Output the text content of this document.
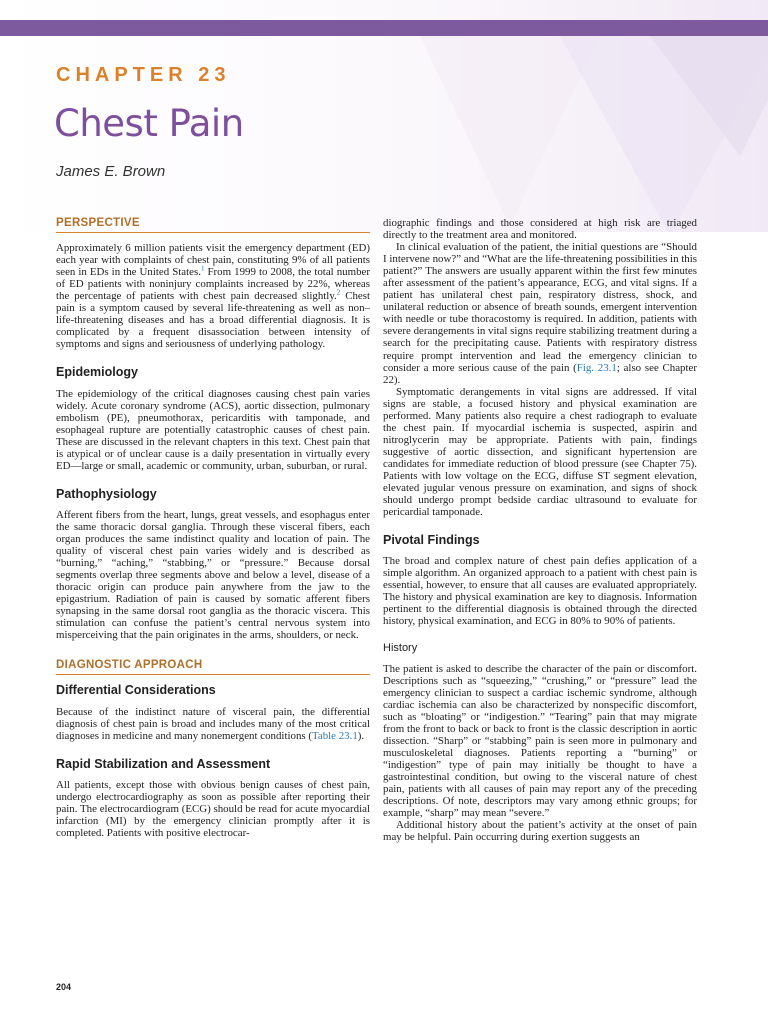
CHAPTER 23
Chest Pain
James E. Brown
PERSPECTIVE

Approximately 6 million patients visit the emergency department (ED) each year with complaints of chest pain, constituting 9% of all patients seen in EDs in the United States.$^1$ From 1999 to 2008, the total number of ED patients with noninjury complaints increased by 22%, whereas the percentage of patients with chest pain decreased slightly.$^2$ Chest pain is a symptom caused by several life-threatening as well as non–life-threatening diseases and has a broad differential diagnosis. It is complicated by a frequent disassociation between intensity of symptoms and signs and seriousness of underlying pathology.

Epidemiology

The epidemiology of the critical diagnoses causing chest pain varies widely. Acute coronary syndrome (ACS), aortic dissection, pulmonary embolism (PE), pneumothorax, pericarditis with tamponade, and esophageal rupture are potentially catastrophic causes of chest pain. These are discussed in the relevant chapters in this text. Chest pain that is atypical or of unclear cause is a daily presentation in virtually every ED—large or small, academic or community, urban, suburban, or rural.

Pathophysiology

Afferent fibers from the heart, lungs, great vessels, and esophagus enter the same thoracic dorsal ganglia. Through these visceral fibers, each organ produces the same indistinct quality and location of pain. The quality of visceral chest pain varies widely and is described as “burning,” “aching,” “stabbing,” or “pressure.” Because dorsal segments overlap three segments above and below a level, disease of a thoracic origin can produce pain anywhere from the jaw to the epigastrium. Radiation of pain is caused by somatic afferent fibers synapsing in the same dorsal root ganglia as the thoracic viscera. This stimulation can confuse the patient’s central nervous system into misperceiving that the pain originates in the arms, shoulders, or neck.

DIAGNOSTIC APPROACH
Differential Considerations

Because of the indistinct nature of visceral pain, the differential diagnosis of chest pain is broad and includes many of the most critical diagnoses in medicine and many nonemergent conditions (Table 23.1).

Rapid Stabilization and Assessment

All patients, except those with obvious benign causes of chest pain, undergo electrocardiography as soon as possible after reporting their pain. The electrocardiogram (ECG) should be read for acute myocardial infarction (MI) by the emergency clinician promptly after it is completed. Patients with positive electrocar-

diographic findings and those considered at high risk are triaged directly to the treatment area and monitored.

In clinical evaluation of the patient, the initial questions are “Should I intervene now?” and “What are the life-threatening possibilities in this patient?” The answers are usually apparent within the first few minutes after assessment of the patient’s appearance, ECG, and vital signs. If a patient has unilateral chest pain, respiratory distress, shock, and unilateral reduction or absence of breath sounds, emergent intervention with needle or tube thoracostomy is required. In addition, patients with severe derangements in vital signs require stabilizing treatment during a search for the precipitating cause. Patients with respiratory distress require prompt intervention and lead the emergency clinician to consider a more serious cause of the pain (Fig. 23.1; also see Chapter 22).

Symptomatic derangements in vital signs are addressed. If vital signs are stable, a focused history and physical examination are performed. Many patients also require a chest radiograph to evaluate the chest pain. If myocardial ischemia is suspected, aspirin and nitroglycerin may be appropriate. Patients with pain, findings suggestive of aortic dissection, and significant hypertension are candidates for immediate reduction of blood pressure (see Chapter 75). Patients with low voltage on the ECG, diffuse ST segment elevation, elevated jugular venous pressure on examination, and signs of shock should undergo prompt bedside cardiac ultrasound to evaluate for pericardial tamponade.

Pivotal Findings

The broad and complex nature of chest pain defies application of a simple algorithm. An organized approach to a patient with chest pain is essential, however, to ensure that all causes are evaluated appropriately. The history and physical examination are key to diagnosis. Information pertinent to the differential diagnosis is obtained through the directed history, physical examination, and ECG in 80% to 90% of patients.

History

The patient is asked to describe the character of the pain or discomfort. Descriptions such as “squeezing,” “crushing,” or “pressure” lead the emergency clinician to suspect a cardiac ischemic syndrome, although cardiac ischemia can also be characterized by nonspecific discomfort, such as “bloating” or “indigestion.” “Tearing” pain that may migrate from the front to back or back to front is the classic description in aortic dissection. “Sharp” or “stabbing” pain is seen more in pulmonary and musculoskeletal diagnoses. Patients reporting a “burning” or “indigestion” type of pain may initially be thought to have a gastrointestinal condition, but owing to the visceral nature of chest pain, patients with all causes of pain may report any of the preceding descriptions. Of note, descriptors may vary among ethnic groups; for example, “sharp” may mean “severe.”

Additional history about the patient’s activity at the onset of pain may be helpful. Pain occurring during exertion suggests an

204
